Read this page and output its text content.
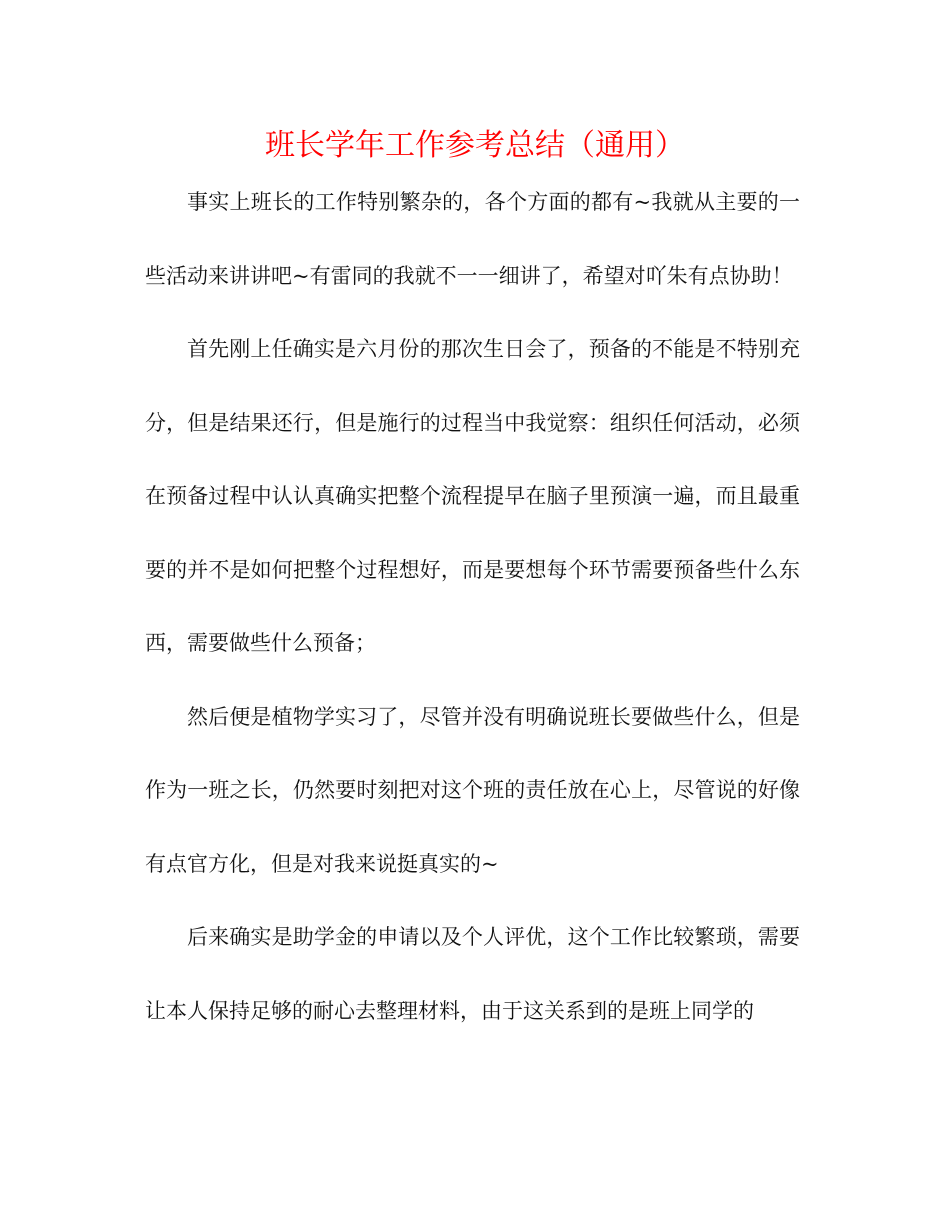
班长学年工作参考总结（通用）

事实上班长的工作特别繁杂的，各个方面的都有~我就从主要的一些活动来讲讲吧~有雷同的我就不一一细讲了，希望对吖朱有点协助！

首先刚上任确实是六月份的那次生日会了，预备的不能是不特别充分，但是结果还行，但是施行的过程当中我觉察：组织任何活动，必须在预备过程中认认真确实把整个流程提早在脑子里预演一遍，而且最重要的并不是如何把整个过程想好，而是要想每个环节需要预备些什么东西，需要做些什么预备；

然后便是植物学实习了，尽管并没有明确说班长要做些什么，但是作为一班之长，仍然要时刻把对这个班的责任放在心上，尽管说的好像有点官方化，但是对我来说挺真实的~

后来确实是助学金的申请以及个人评优，这个工作比较繁琐，需要让本人保持足够的耐心去整理材料，由于这关系到的是班上同学的
